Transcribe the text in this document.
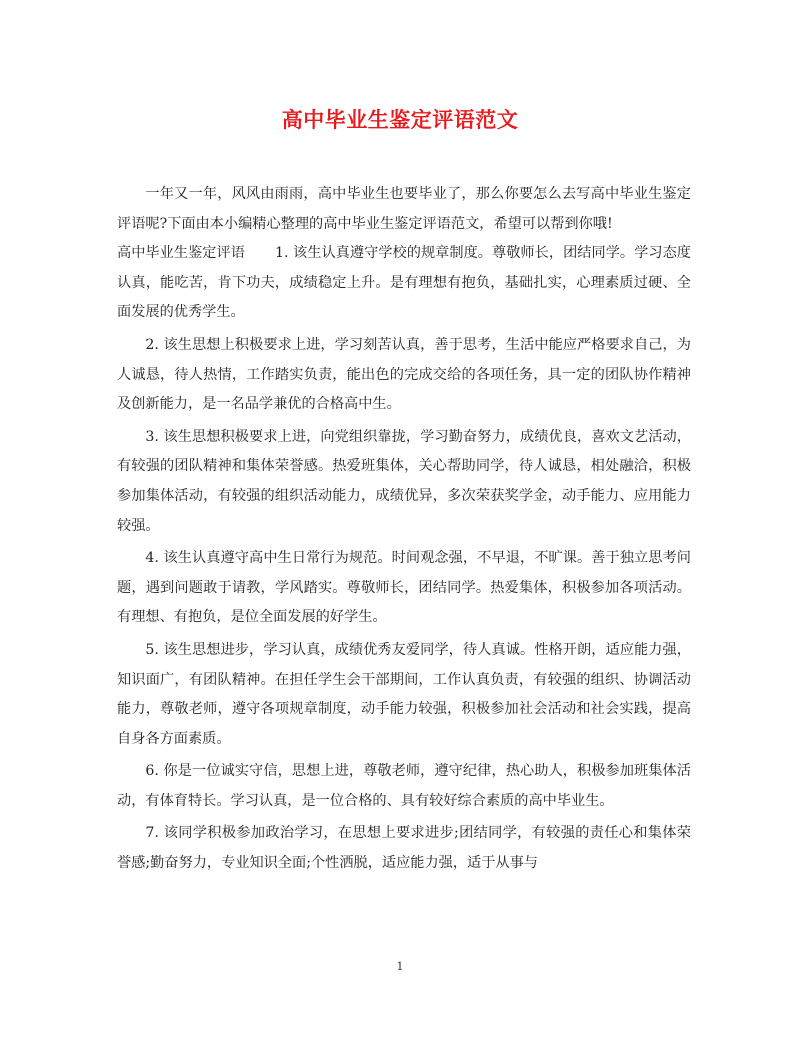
高中毕业生鉴定评语范文

一年又一年，风风由雨雨，高中毕业生也要毕业了，那么你要怎么去写高中毕业生鉴定评语呢?下面由本小编精心整理的高中毕业生鉴定评语范文，希望可以帮到你哦!

高中毕业生鉴定评语 1. 该生认真遵守学校的规章制度。尊敬师长，团结同学。学习态度认真，能吃苦，肯下功夫，成绩稳定上升。是有理想有抱负，基础扎实，心理素质过硬、全面发展的优秀学生。

2. 该生思想上积极要求上进，学习刻苦认真，善于思考，生活中能应严格要求自己，为人诚恳，待人热情，工作踏实负责，能出色的完成交给的各项任务，具一定的团队协作精神及创新能力，是一名品学兼优的合格高中生。

3. 该生思想积极要求上进，向党组织靠拢，学习勤奋努力，成绩优良，喜欢文艺活动，有较强的团队精神和集体荣誉感。热爱班集体，关心帮助同学，待人诚恳，相处融洽，积极参加集体活动，有较强的组织活动能力，成绩优异，多次荣获奖学金，动手能力、应用能力较强。

4. 该生认真遵守高中生日常行为规范。时间观念强，不早退，不旷课。善于独立思考问题，遇到问题敢于请教，学风踏实。尊敬师长，团结同学。热爱集体，积极参加各项活动。有理想、有抱负，是位全面发展的好学生。

5. 该生思想进步，学习认真，成绩优秀友爱同学，待人真诚。性格开朗，适应能力强，知识面广，有团队精神。在担任学生会干部期间，工作认真负责，有较强的组织、协调活动能力，尊敬老师，遵守各项规章制度，动手能力较强，积极参加社会活动和社会实践，提高自身各方面素质。

6. 你是一位诚实守信，思想上进，尊敬老师，遵守纪律，热心助人，积极参加班集体活动，有体育特长。学习认真，是一位合格的、具有较好综合素质的高中毕业生。

7. 该同学积极参加政治学习，在思想上要求进步;团结同学，有较强的责任心和集体荣誉感;勤奋努力，专业知识全面;个性洒脱，适应能力强，适于从事与

1
